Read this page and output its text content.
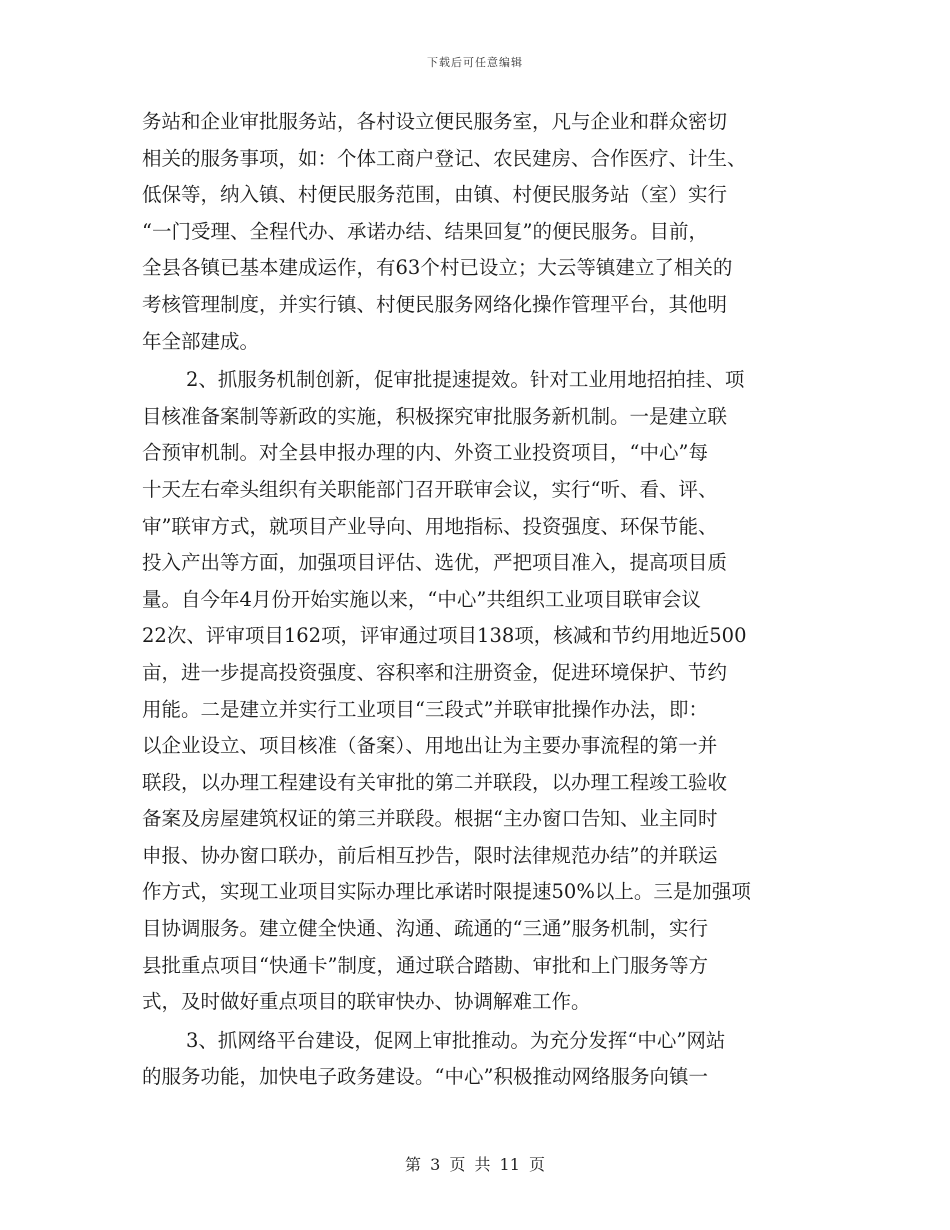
下载后可任意编辑
务站和企业审批服务站，各村设立便民服务室，凡与企业和群众密切
相关的服务事项，如：个体工商户登记、农民建房、合作医疗、计生、
低保等，纳入镇、村便民服务范围，由镇、村便民服务站（室）实行
“一门受理、全程代办、承诺办结、结果回复”的便民服务。目前，
全县各镇已基本建成运作，有63个村已设立；大云等镇建立了相关的
考核管理制度，并实行镇、村便民服务网络化操作管理平台，其他明
年全部建成。
2、抓服务机制创新，促审批提速提效。针对工业用地招拍挂、项
目核准备案制等新政的实施，积极探究审批服务新机制。一是建立联
合预审机制。对全县申报办理的内、外资工业投资项目，“中心”每
十天左右牵头组织有关职能部门召开联审会议，实行“听、看、评、
审”联审方式，就项目产业导向、用地指标、投资强度、环保节能、
投入产出等方面，加强项目评估、选优，严把项目准入，提高项目质
量。自今年4月份开始实施以来，“中心”共组织工业项目联审会议
22次、评审项目162项，评审通过项目138项，核减和节约用地近500
亩，进一步提高投资强度、容积率和注册资金，促进环境保护、节约
用能。二是建立并实行工业项目“三段式”并联审批操作办法，即：
以企业设立、项目核准（备案）、用地出让为主要办事流程的第一并
联段，以办理工程建设有关审批的第二并联段，以办理工程竣工验收
备案及房屋建筑权证的第三并联段。根据“主办窗口告知、业主同时
申报、协办窗口联办，前后相互抄告，限时法律规范办结”的并联运
作方式，实现工业项目实际办理比承诺时限提速50%以上。三是加强项
目协调服务。建立健全快通、沟通、疏通的“三通”服务机制，实行
县批重点项目“快通卡”制度，通过联合踏勘、审批和上门服务等方
式，及时做好重点项目的联审快办、协调解难工作。
3、抓网络平台建设，促网上审批推动。为充分发挥“中心”网站
的服务功能，加快电子政务建设。“中心”积极推动网络服务向镇一
第 3 页 共 11 页
